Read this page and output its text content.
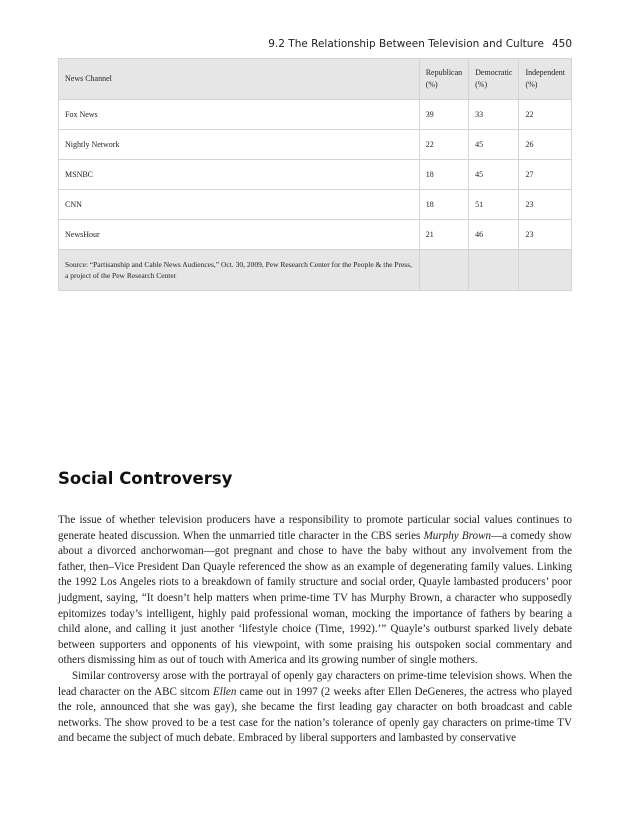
9.2 The Relationship Between Television and Culture 450
News Channel	Republican (%)	Democratic (%)	Independent (%)
Fox News	39	33	22
Nightly Network	22	45	26
MSNBC	18	45	27
CNN	18	51	23
NewsHour	21	46	23
Source: “Partisanship and Cable News Audiences,” Oct. 30, 2009, Pew Research Center for the People & the Press, a project of the Pew Research Center			
Social Controversy

The issue of whether television producers have a responsibility to promote particular social values continues to generate heated discussion. When the unmarried title character in the CBS series Murphy Brown—a comedy show about a divorced anchorwoman—got pregnant and chose to have the baby without any involvement from the father, then–Vice President Dan Quayle referenced the show as an example of degenerating family values. Linking the 1992 Los Angeles riots to a breakdown of family structure and social order, Quayle lambasted producers’ poor judgment, saying, “It doesn’t help matters when prime-time TV has Murphy Brown, a character who supposedly epitomizes today’s intelligent, highly paid professional woman, mocking the importance of fathers by bearing a child alone, and calling it just another ‘lifestyle choice (Time, 1992).’” Quayle’s outburst sparked lively debate between supporters and opponents of his viewpoint, with some praising his outspoken social commentary and others dismissing him as out of touch with America and its growing number of single mothers.

Similar controversy arose with the portrayal of openly gay characters on prime-time television shows. When the lead character on the ABC sitcom Ellen came out in 1997 (2 weeks after Ellen DeGeneres, the actress who played the role, announced that she was gay), she became the first leading gay character on both broadcast and cable networks. The show proved to be a test case for the nation’s tolerance of openly gay characters on prime-time TV and became the subject of much debate. Embraced by liberal supporters and lambasted by conservative
